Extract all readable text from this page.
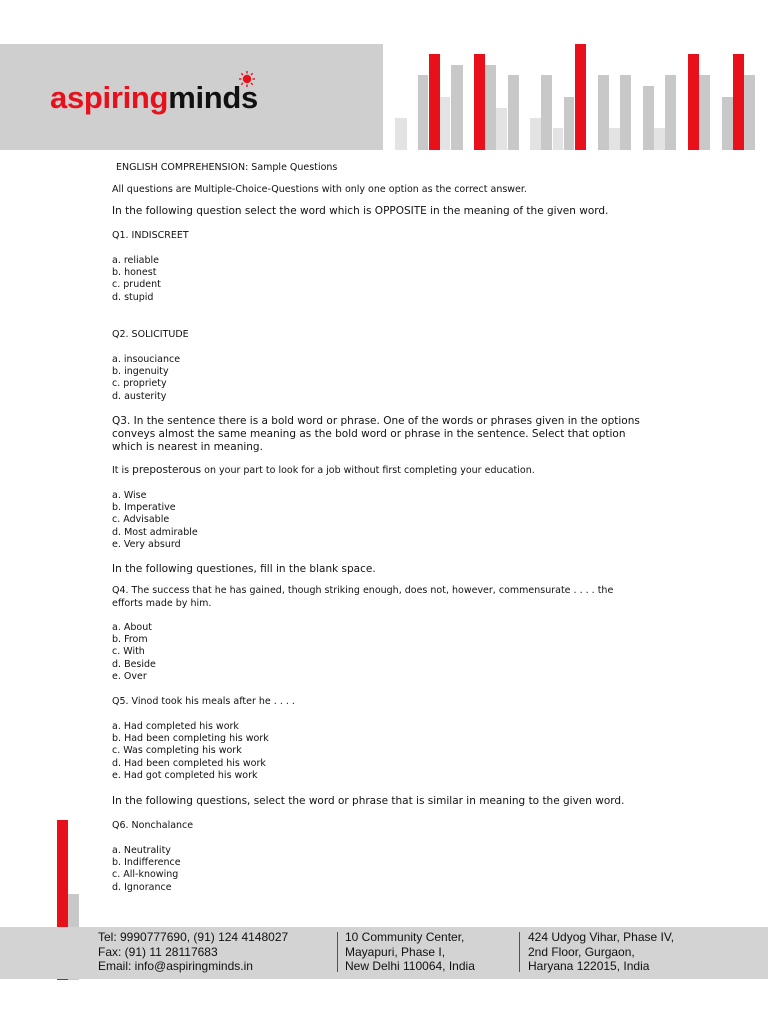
aspiringminds
ENGLISH COMPREHENSION: Sample Questions
All questions are Multiple-Choice-Questions with only one option as the correct answer.
In the following question select the word which is OPPOSITE in the meaning of the given word.
Q1. INDISCREET
a. reliable
b. honest
c. prudent
d. stupid
Q2. SOLICITUDE
a. insouciance
b. ingenuity
c. propriety
d. austerity
Q3. In the sentence there is a bold word or phrase. One of the words or phrases given in the options
conveys almost the same meaning as the bold word or phrase in the sentence. Select that option
which is nearest in meaning.
It is preposterous on your part to look for a job without first completing your education.
a. Wise
b. Imperative
c. Advisable
d. Most admirable
e. Very absurd
In the following questiones, fill in the blank space.
Q4. The success that he has gained, though striking enough, does not, however, commensurate . . . . the
efforts made by him.
a. About
b. From
c. With
d. Beside
e. Over
Q5. Vinod took his meals after he . . . .
a. Had completed his work
b. Had been completing his work
c. Was completing his work
d. Had been completed his work
e. Had got completed his work
In the following questions, select the word or phrase that is similar in meaning to the given word.
Q6. Nonchalance
a. Neutrality
b. Indifference
c. All-knowing
d. Ignorance
Tel: 9990777690, (91) 124 4148027
Fax: (91) 11 28117683
Email: info@aspiringminds.in
10 Community Center,
Mayapuri, Phase I,
New Delhi 110064, India
424 Udyog Vihar, Phase IV,
2nd Floor, Gurgaon,
Haryana 122015, India
